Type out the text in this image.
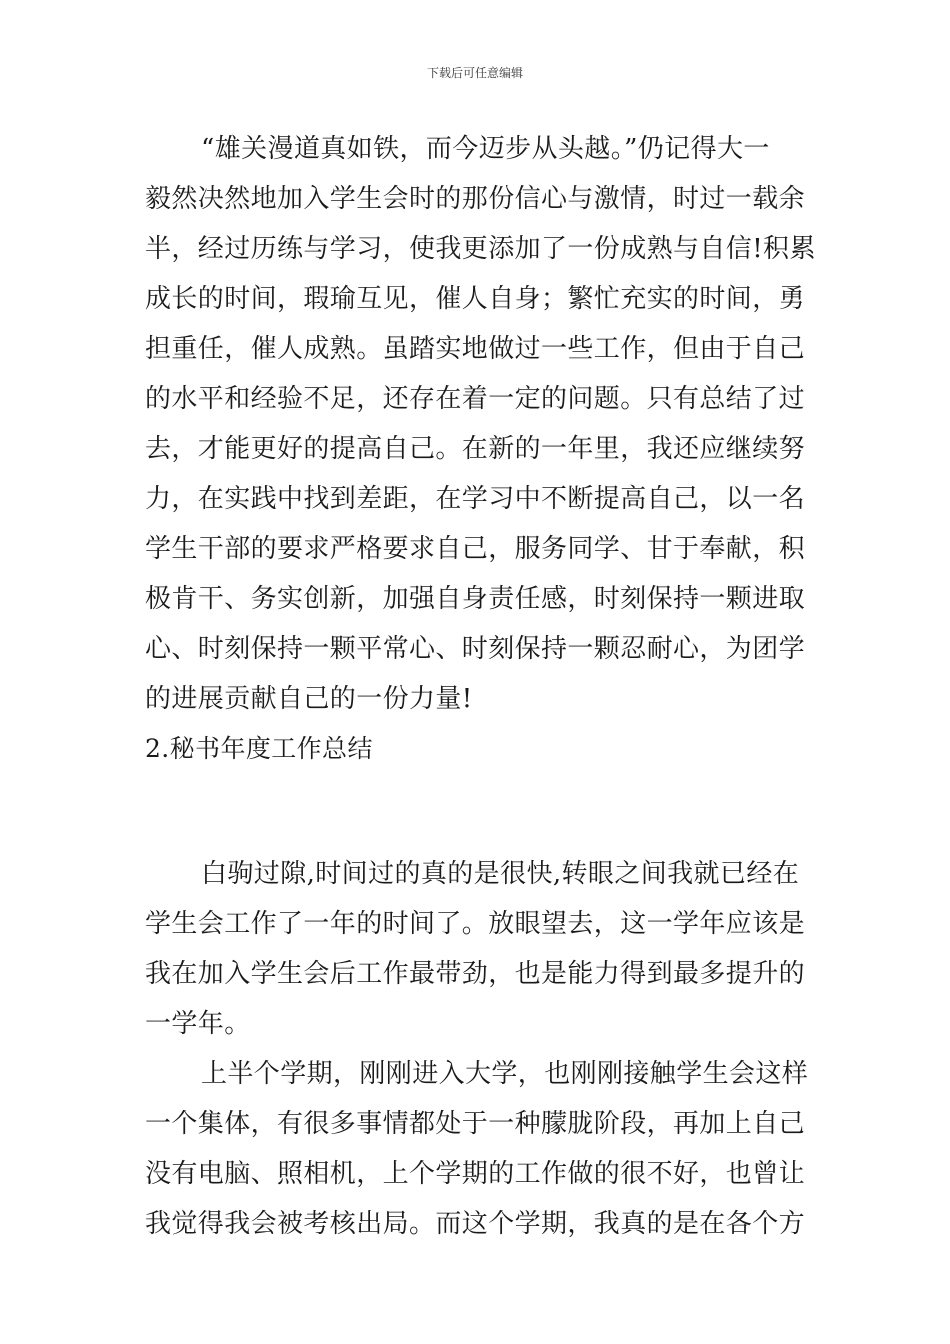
下载后可任意编辑
“雄关漫道真如铁，而今迈步从头越。”仍记得大一
毅然决然地加入学生会时的那份信心与激情，时过一载余
半，经过历练与学习，使我更添加了一份成熟与自信!积累
成长的时间，瑕瑜互见，催人自身；繁忙充实的时间，勇
担重任，催人成熟。虽踏实地做过一些工作，但由于自己
的水平和经验不足，还存在着一定的问题。只有总结了过
去，才能更好的提高自己。在新的一年里，我还应继续努
力，在实践中找到差距，在学习中不断提高自己，以一名
学生干部的要求严格要求自己，服务同学、甘于奉献，积
极肯干、务实创新，加强自身责任感，时刻保持一颗进取
心、时刻保持一颗平常心、时刻保持一颗忍耐心，为团学
的进展贡献自己的一份力量!
2.秘书年度工作总结
白驹过隙,时间过的真的是很快,转眼之间我就已经在
学生会工作了一年的时间了。放眼望去，这一学年应该是
我在加入学生会后工作最带劲，也是能力得到最多提升的
一学年。
上半个学期，刚刚进入大学，也刚刚接触学生会这样
一个集体，有很多事情都处于一种朦胧阶段，再加上自己
没有电脑、照相机，上个学期的工作做的很不好，也曾让
我觉得我会被考核出局。而这个学期，我真的是在各个方
